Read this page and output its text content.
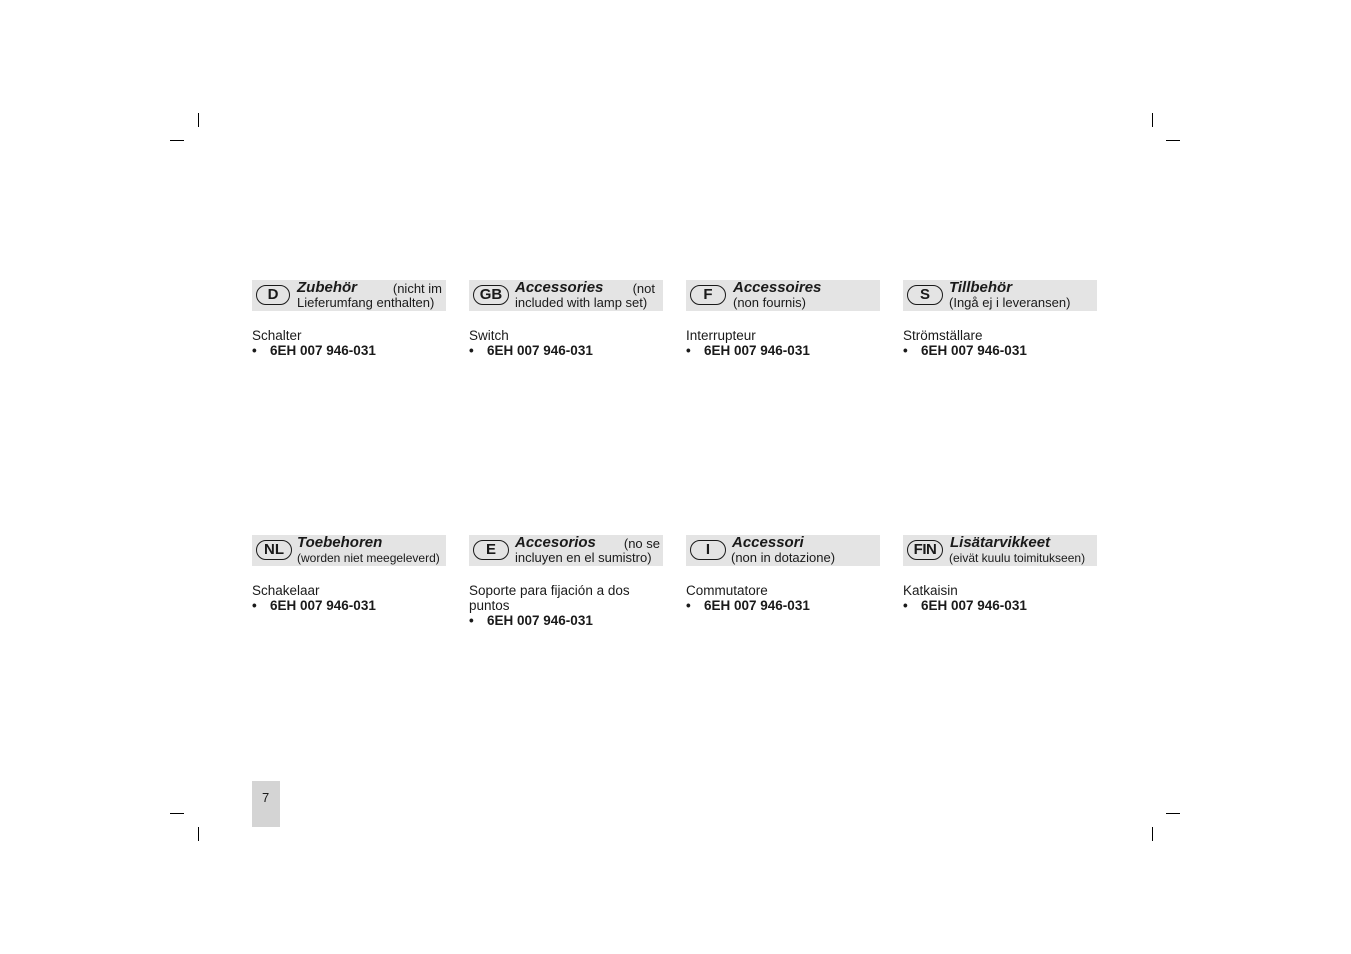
D	Zubehör	(nicht im
Lieferumfang enthalten)
Schalter
• 6EH 007 946-031
GB Accessories (not
included with lamp set)
Switch
• 6EH 007 946-031
F	Accessoires
(non fournis)
Interrupteur
• 6EH 007 946-031
S	Tillbehör
(Ingå ej i leveransen)
Strömställare
• 6EH 007 946-031
NL Toebehoren
(worden niet meegeleverd)
Schakelaar
• 6EH 007 946-031
E	Accesorios (no se
incluyen en el sumistro)
Soporte para fijación a dos puntos
• 6EH 007 946-031
I	Accessori
(non in dotazione)
Commutatore
• 6EH 007 946-031
FIN Lisätarvikkeet
(eivät kuulu toimitukseen)
Katkaisin
• 6EH 007 946-031
7
